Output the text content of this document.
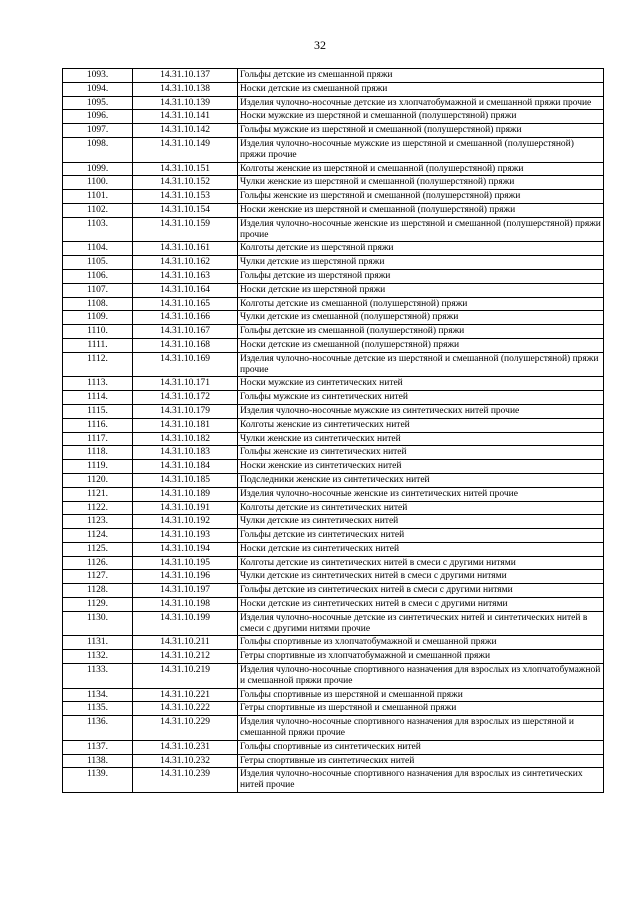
32
1093.	14.31.10.137	Гольфы детские из смешанной пряжи
1094.	14.31.10.138	Носки детские из смешанной пряжи
1095.	14.31.10.139	Изделия чулочно-носочные детские из хлопчатобумажной и смешанной пряжи прочие
1096.	14.31.10.141	Носки мужские из шерстяной и смешанной (полушерстяной) пряжи
1097.	14.31.10.142	Гольфы мужские из шерстяной и смешанной (полушерстяной) пряжи
1098.	14.31.10.149	Изделия чулочно-носочные мужские из шерстяной и смешанной (полушерстяной) пряжи прочие
1099.	14.31.10.151	Колготы женские из шерстяной и смешанной (полушерстяной) пряжи
1100.	14.31.10.152	Чулки женские из шерстяной и смешанной (полушерстяной) пряжи
1101.	14.31.10.153	Гольфы женские из шерстяной и смешанной (полушерстяной) пряжи
1102.	14.31.10.154	Носки женские из шерстяной и смешанной (полушерстяной) пряжи
1103.	14.31.10.159	Изделия чулочно-носочные женские из шерстяной и смешанной (полушерстяной) пряжи прочие
1104.	14.31.10.161	Колготы детские из шерстяной пряжи
1105.	14.31.10.162	Чулки детские из шерстяной пряжи
1106.	14.31.10.163	Гольфы детские из шерстяной пряжи
1107.	14.31.10.164	Носки детские из шерстяной пряжи
1108.	14.31.10.165	Колготы детские из смешанной (полушерстяной) пряжи
1109.	14.31.10.166	Чулки детские из смешанной (полушерстяной) пряжи
1110.	14.31.10.167	Гольфы детские из смешанной (полушерстяной) пряжи
1111.	14.31.10.168	Носки детские из смешанной (полушерстяной) пряжи
1112.	14.31.10.169	Изделия чулочно-носочные детские из шерстяной и смешанной (полушерстяной) пряжи прочие
1113.	14.31.10.171	Носки мужские из синтетических нитей
1114.	14.31.10.172	Гольфы мужские из синтетических нитей
1115.	14.31.10.179	Изделия чулочно-носочные мужские из синтетических нитей прочие
1116.	14.31.10.181	Колготы женские из синтетических нитей
1117.	14.31.10.182	Чулки женские из синтетических нитей
1118.	14.31.10.183	Гольфы женские из синтетических нитей
1119.	14.31.10.184	Носки женские из синтетических нитей
1120.	14.31.10.185	Подследники женские из синтетических нитей
1121.	14.31.10.189	Изделия чулочно-носочные женские из синтетических нитей прочие
1122.	14.31.10.191	Колготы детские из синтетических нитей
1123.	14.31.10.192	Чулки детские из синтетических нитей
1124.	14.31.10.193	Гольфы детские из синтетических нитей
1125.	14.31.10.194	Носки детские из синтетических нитей
1126.	14.31.10.195	Колготы детские из синтетических нитей в смеси с другими нитями
1127.	14.31.10.196	Чулки детские из синтетических нитей в смеси с другими нитями
1128.	14.31.10.197	Гольфы детские из синтетических нитей в смеси с другими нитями
1129.	14.31.10.198	Носки детские из синтетических нитей в смеси с другими нитями
1130.	14.31.10.199	Изделия чулочно-носочные детские из синтетических нитей и синтетических нитей в смеси с другими нитями прочие
1131.	14.31.10.211	Гольфы спортивные из хлопчатобумажной и смешанной пряжи
1132.	14.31.10.212	Гетры спортивные из хлопчатобумажной и смешанной пряжи
1133.	14.31.10.219	Изделия чулочно-носочные спортивного назначения для взрослых из хлопчатобумажной и смешанной пряжи прочие
1134.	14.31.10.221	Гольфы спортивные из шерстяной и смешанной пряжи
1135.	14.31.10.222	Гетры спортивные из шерстяной и смешанной пряжи
1136.	14.31.10.229	Изделия чулочно-носочные спортивного назначения для взрослых из шерстяной и смешанной пряжи прочие
1137.	14.31.10.231	Гольфы спортивные из синтетических нитей
1138.	14.31.10.232	Гетры спортивные из синтетических нитей
1139.	14.31.10.239	Изделия чулочно-носочные спортивного назначения для взрослых из синтетических нитей прочие
